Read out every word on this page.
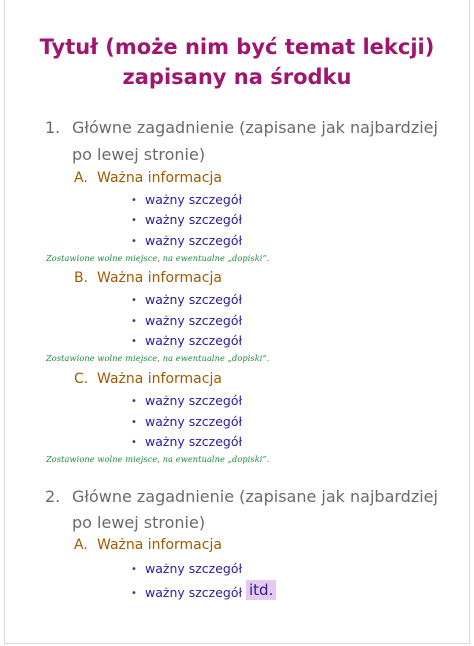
Tytuł (może nim być temat lekcji)
zapisany na środku
1. Główne zagadnienie (zapisane jak najbardziej
po lewej stronie)
A. Ważna informacja
• ważny szczegół
• ważny szczegół
• ważny szczegół
Zostawione wolne miejsce, na ewentualne „dopiski”.
B. Ważna informacja
• ważny szczegół
• ważny szczegół
• ważny szczegół
Zostawione wolne miejsce, na ewentualne „dopiski”.
C. Ważna informacja
• ważny szczegół
• ważny szczegół
• ważny szczegół
Zostawione wolne miejsce, na ewentualne „dopiski”.
2. Główne zagadnienie (zapisane jak najbardziej
po lewej stronie)
A. Ważna informacja
• ważny szczegół
• ważny szczegół itd.
